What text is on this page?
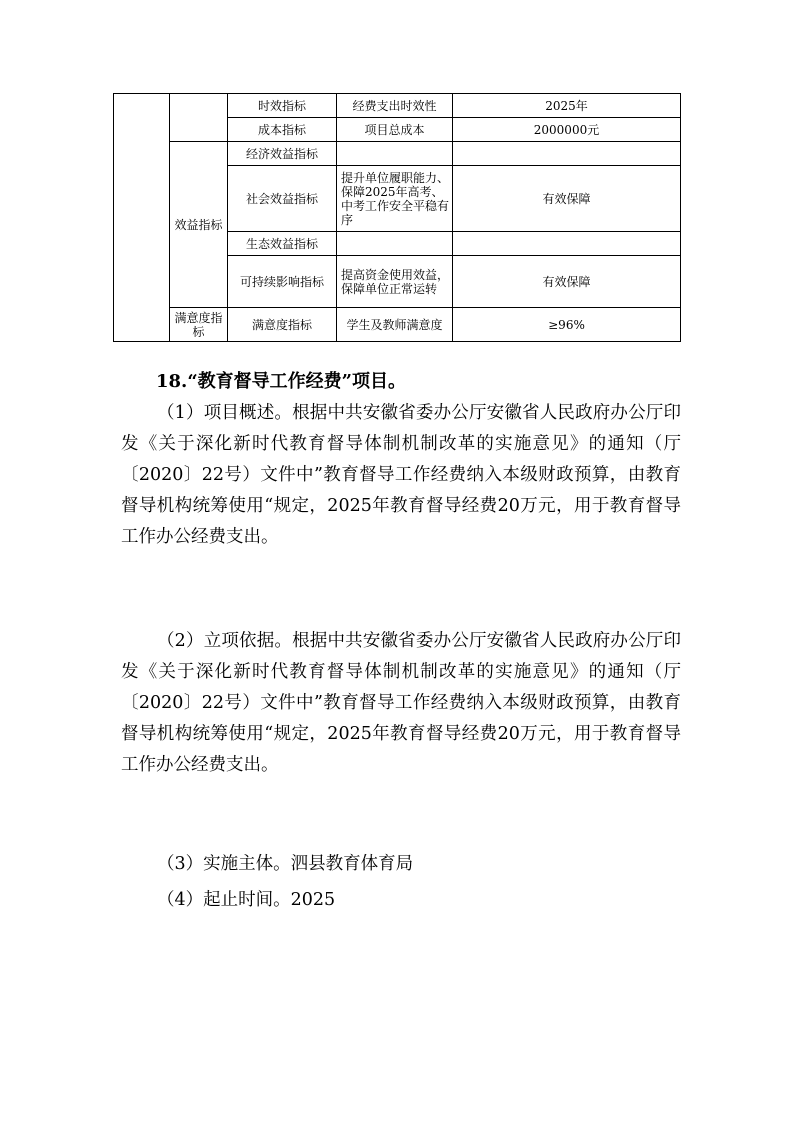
		时效指标	经费支出时效性	2025年
		成本指标	项目总成本	2000000元
	效益指标	经济效益指标		
		社会效益指标	提升单位履职能力、保障2025年高考、中考工作安全平稳有序	有效保障
		生态效益指标		
		可持续影响指标	提高资金使用效益，保障单位正常运转	有效保障
	满意度指标	满意度指标	学生及教师满意度	≥96%
18.“教育督导工作经费”项目。

（1）项目概述。根据中共安徽省委办公厅安徽省人民政府办公厅印发《关于深化新时代教育督导体制机制改革的实施意见》的通知（厅〔2020〕22号）文件中”教育督导工作经费纳入本级财政预算，由教育督导机构统筹使用“规定，2025年教育督导经费20万元，用于教育督导工作办公经费支出。

（2）立项依据。根据中共安徽省委办公厅安徽省人民政府办公厅印发《关于深化新时代教育督导体制机制改革的实施意见》的通知（厅〔2020〕22号）文件中”教育督导工作经费纳入本级财政预算，由教育督导机构统筹使用“规定，2025年教育督导经费20万元，用于教育督导工作办公经费支出。

（3）实施主体。泗县教育体育局
（4）起止时间。2025
